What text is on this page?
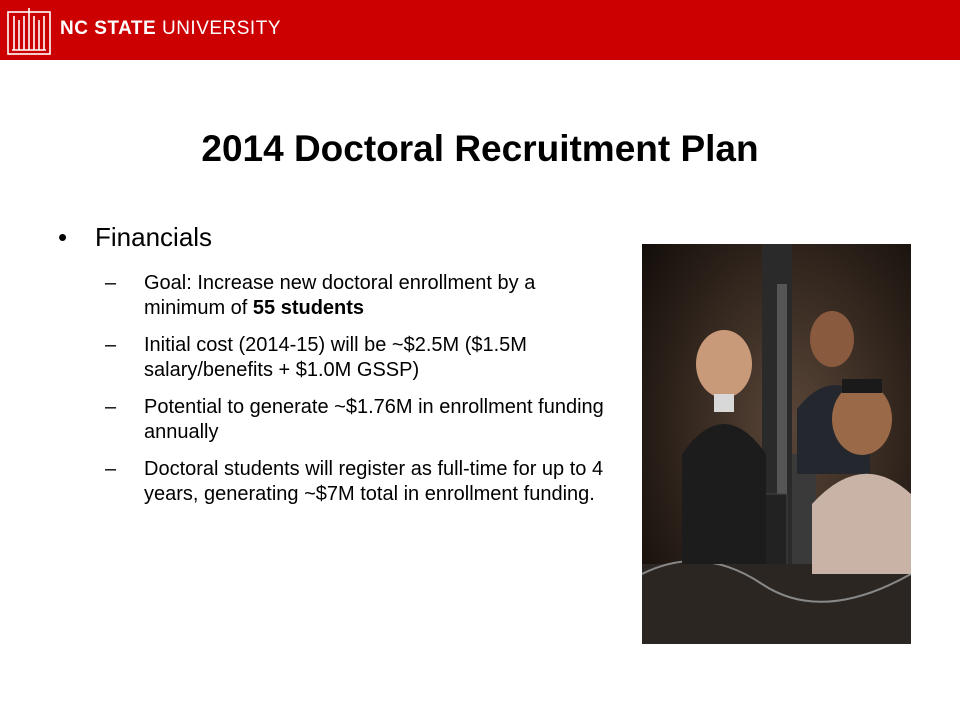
NC STATE UNIVERSITY
2014 Doctoral Recruitment Plan

• Financials

– Goal: Increase new doctoral enrollment by a minimum of 55 students

– Initial cost (2014-15) will be ~$2.5M ($1.5M salary/benefits + $1.0M GSSP)

– Potential to generate ~$1.76M in enrollment funding annually

– Doctoral students will register as full-time for up to 4 years, generating ~$7M total in enrollment funding.
